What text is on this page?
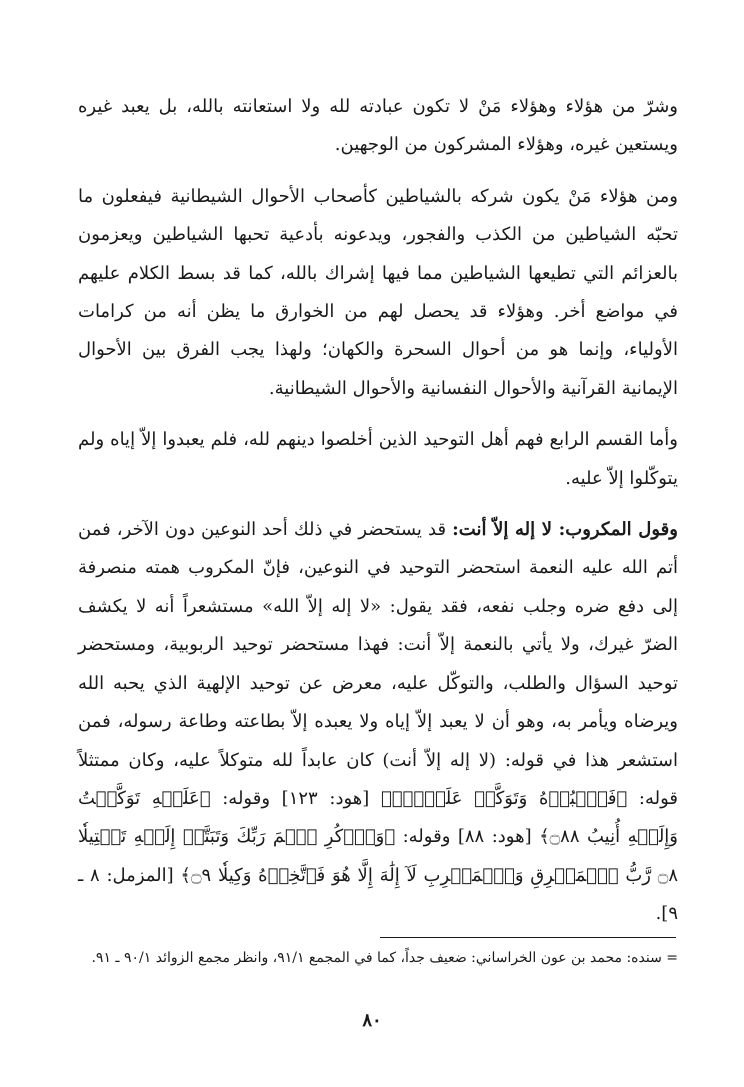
وشرّ من هؤلاء وهؤلاء مَنْ لا تكون عبادته لله ولا استعانته بالله، بل يعبد غيره ويستعين غيره، وهؤلاء المشركون من الوجهين.

ومن هؤلاء مَنْ يكون شركه بالشياطين كأصحاب الأحوال الشيطانية فيفعلون ما تحبّه الشياطين من الكذب والفجور، ويدعونه بأدعية تحبها الشياطين ويعزمون بالعزائم التي تطيعها الشياطين مما فيها إشراك بالله، كما قد بسط الكلام عليهم في مواضع أخر. وهؤلاء قد يحصل لهم من الخوارق ما يظن أنه من كرامات الأولياء، وإنما هو من أحوال السحرة والكهان؛ ولهذا يجب الفرق بين الأحوال الإيمانية القرآنية والأحوال النفسانية والأحوال الشيطانية.

وأما القسم الرابع فهم أهل التوحيد الذين أخلصوا دينهم لله، فلم يعبدوا إلاّ إياه ولم يتوكّلوا إلاّ عليه.

وقول المكروب: لا إله إلاّ أنت: قد يستحضر في ذلك أحد النوعين دون الآخر، فمن أتم الله عليه النعمة استحضر التوحيد في النوعين، فإنّ المكروب همته منصرفة إلى دفع ضره وجلب نفعه، فقد يقول: «لا إله إلاّ الله» مستشعراً أنه لا يكشف الضرّ غيرك، ولا يأتي بالنعمة إلاّ أنت: فهذا مستحضر توحيد الربوبية، ومستحضر توحيد السؤال والطلب، والتوكّل عليه، معرض عن توحيد الإلهية الذي يحبه الله ويرضاه ويأمر به، وهو أن لا يعبد إلاّ إياه ولا يعبده إلاّ بطاعته وطاعة رسوله، فمن استشعر هذا في قوله: (لا إله إلاّ أنت) كان عابداً لله متوكلاً عليه، وكان ممتثلاً قوله: ﴿فَٱعۡبُدۡهُ وَتَوَكَّلۡ عَلَيۡهِۚ﴾ [هود: ١٢٣] وقوله: ﴿عَلَيۡهِ تَوَكَّلۡتُ وَإِلَيۡهِ أُنِيبُ ۝٨٨﴾ [هود: ٨٨] وقوله: ﴿وَٱذۡكُرِ ٱسۡمَ رَبِّكَ وَتَبَتَّلۡ إِلَيۡهِ تَبۡتِيلٗا ۝٨ رَّبُّ ٱلۡمَشۡرِقِ وَٱلۡمَغۡرِبِ لَآ إِلَٰهَ إِلَّا هُوَ فَٱتَّخِذۡهُ وَكِيلٗا ۝٩﴾ [المزمل: ٨ ـ ٩].

= سنده: محمد بن عون الخراساني: ضعيف جداً، كما في المجمع ٩١/١، وانظر مجمع الزوائد ٩٠/١ ـ ٩١.
٨٠
